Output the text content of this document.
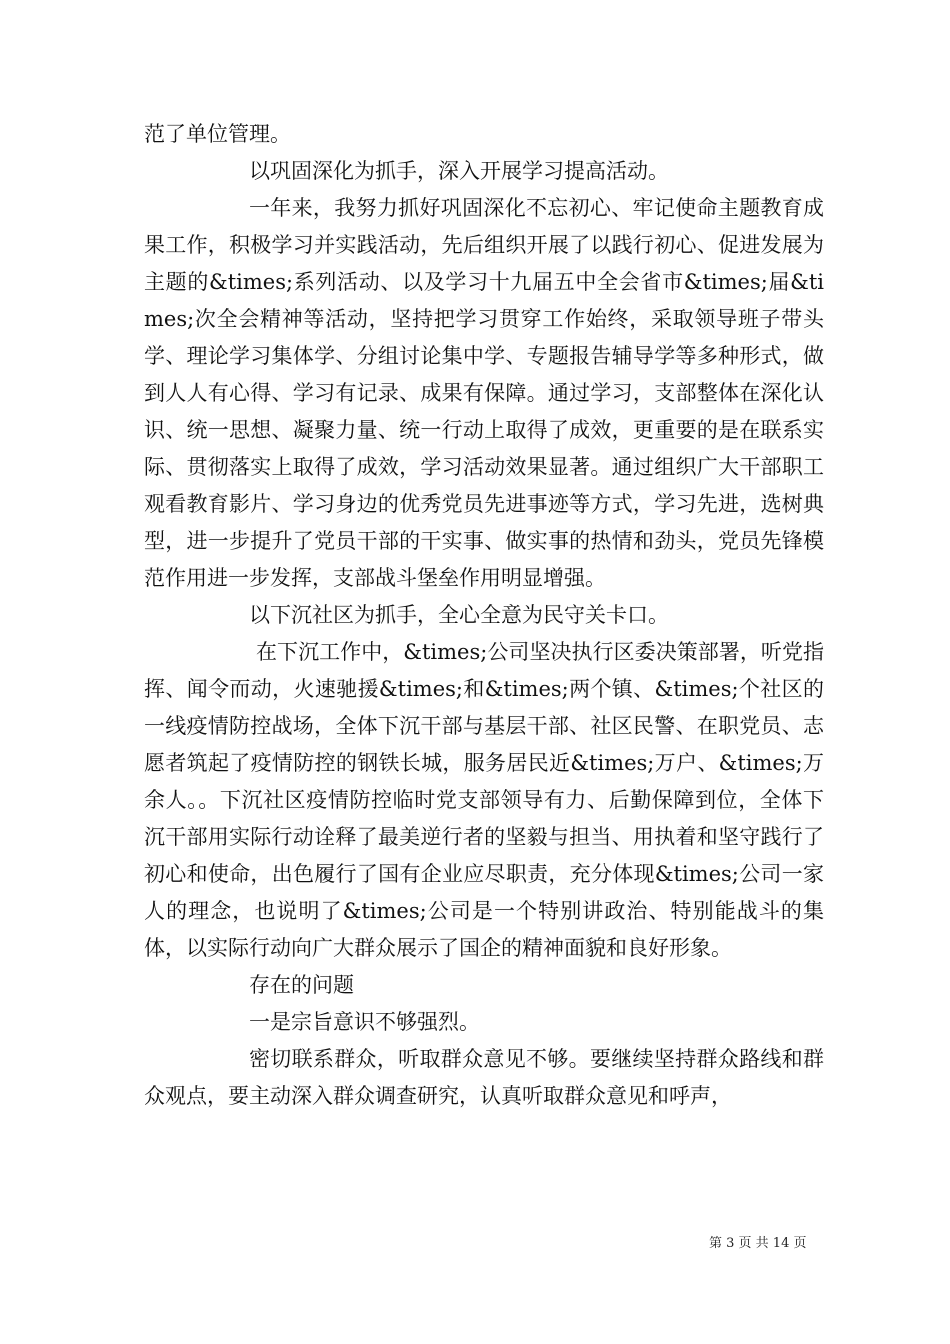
范了单位管理。

以巩固深化为抓手，深入开展学习提高活动。

一年来，我努力抓好巩固深化不忘初心、牢记使命主题教育成果工作，积极学习并实践活动，先后组织开展了以践行初心、促进发展为主题的&times;系列活动、以及学习十九届五中全会省市&times;届&times;次全会精神等活动，坚持把学习贯穿工作始终，采取领导班子带头学、理论学习集体学、分组讨论集中学、专题报告辅导学等多种形式，做到人人有心得、学习有记录、成果有保障。通过学习，支部整体在深化认识、统一思想、凝聚力量、统一行动上取得了成效，更重要的是在联系实际、贯彻落实上取得了成效，学习活动效果显著。通过组织广大干部职工观看教育影片、学习身边的优秀党员先进事迹等方式，学习先进，选树典型，进一步提升了党员干部的干实事、做实事的热情和劲头，党员先锋模范作用进一步发挥，支部战斗堡垒作用明显增强。

以下沉社区为抓手，全心全意为民守关卡口。

在下沉工作中，&times;公司坚决执行区委决策部署，听党指挥、闻令而动，火速驰援&times;和&times;两个镇、&times;个社区的一线疫情防控战场，全体下沉干部与基层干部、社区民警、在职党员、志愿者筑起了疫情防控的钢铁长城，服务居民近&times;万户、&times;万余人。。下沉社区疫情防控临时党支部领导有力、后勤保障到位，全体下沉干部用实际行动诠释了最美逆行者的坚毅与担当、用执着和坚守践行了初心和使命，出色履行了国有企业应尽职责，充分体现&times;公司一家人的理念，也说明了&times;公司是一个特别讲政治、特别能战斗的集体，以实际行动向广大群众展示了国企的精神面貌和良好形象。

存在的问题

一是宗旨意识不够强烈。

密切联系群众，听取群众意见不够。要继续坚持群众路线和群众观点，要主动深入群众调查研究，认真听取群众意见和呼声，

第 3 页 共 14 页
